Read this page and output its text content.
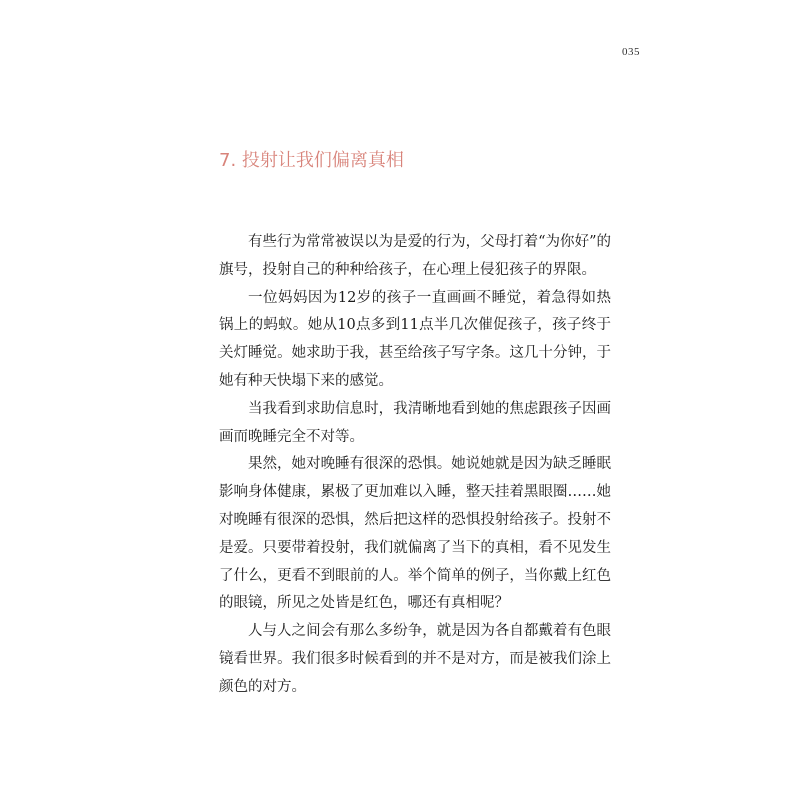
035
7. 投射让我们偏离真相

有些行为常常被误以为是爱的行为，父母打着“为你好”的旗号，投射自己的种种给孩子，在心理上侵犯孩子的界限。

一位妈妈因为12岁的孩子一直画画不睡觉，着急得如热锅上的蚂蚁。她从10点多到11点半几次催促孩子，孩子终于关灯睡觉。她求助于我，甚至给孩子写字条。这几十分钟，于她有种天快塌下来的感觉。

当我看到求助信息时，我清晰地看到她的焦虑跟孩子因画画而晚睡完全不对等。

果然，她对晚睡有很深的恐惧。她说她就是因为缺乏睡眠影响身体健康，累极了更加难以入睡，整天挂着黑眼圈……她对晚睡有很深的恐惧，然后把这样的恐惧投射给孩子。投射不是爱。只要带着投射，我们就偏离了当下的真相，看不见发生了什么，更看不到眼前的人。举个简单的例子，当你戴上红色的眼镜，所见之处皆是红色，哪还有真相呢？

人与人之间会有那么多纷争，就是因为各自都戴着有色眼镜看世界。我们很多时候看到的并不是对方，而是被我们涂上颜色的对方。
